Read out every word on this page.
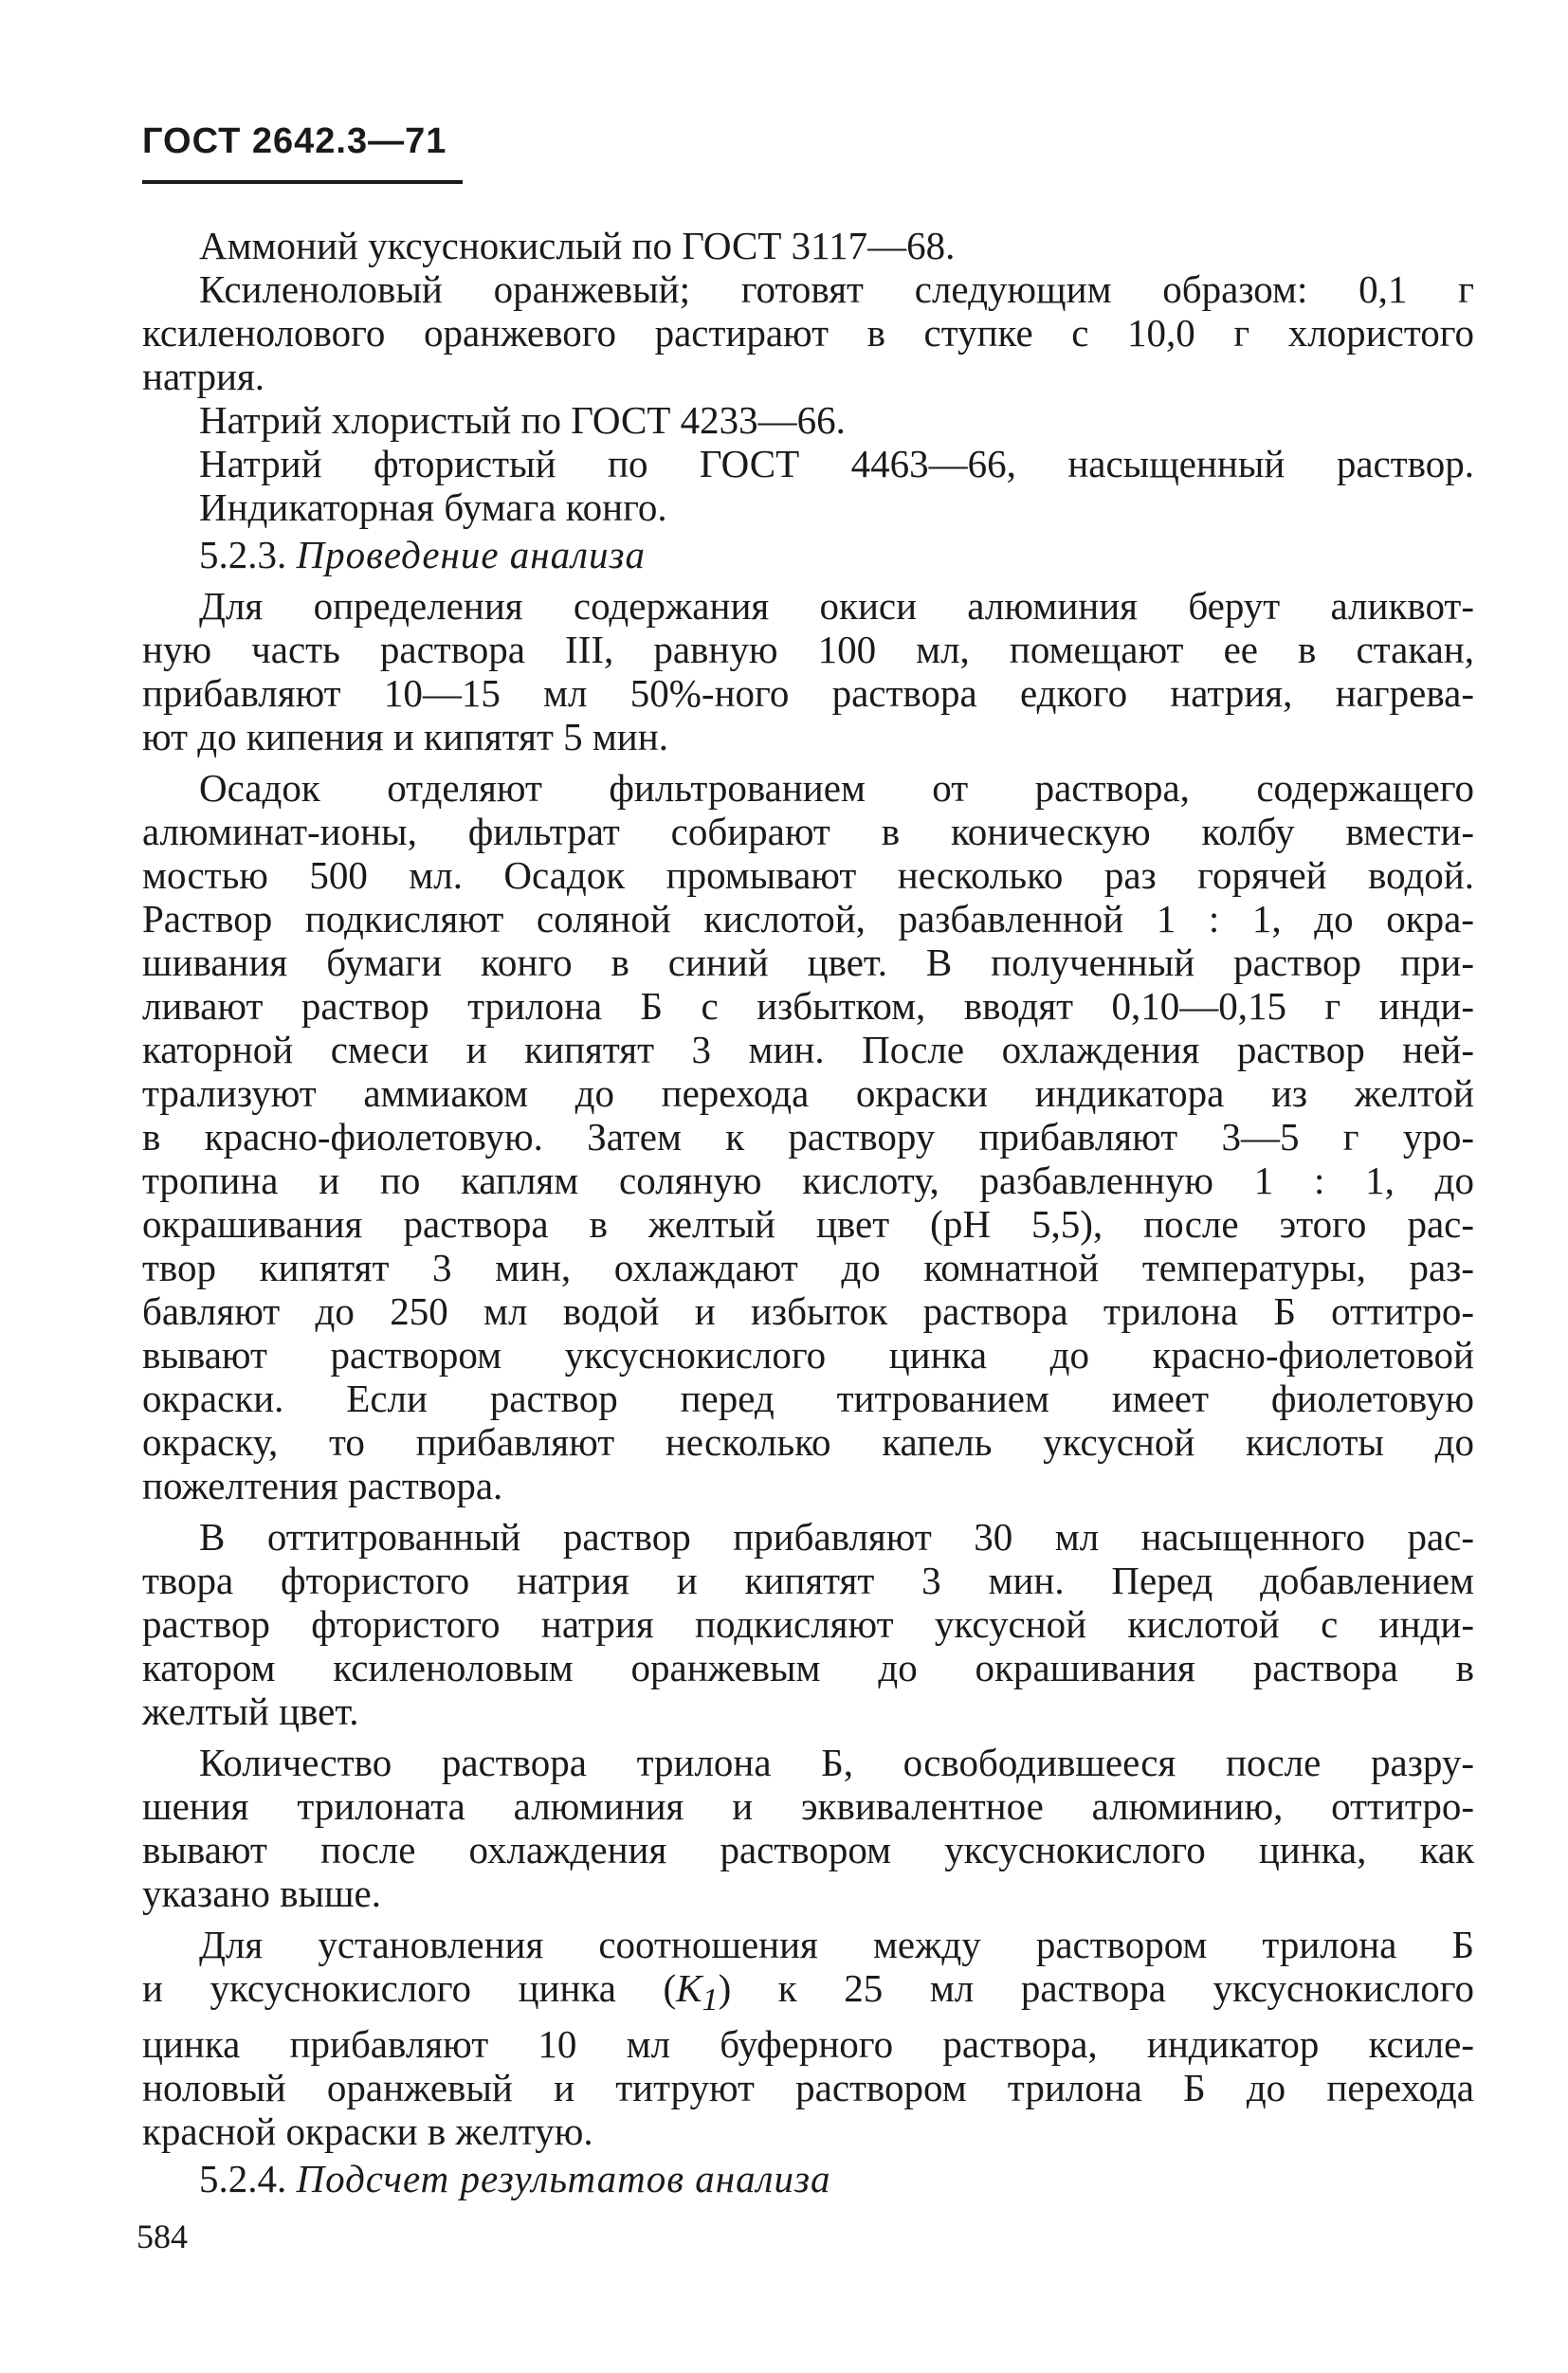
ГОСТ 2642.3—71
Аммоний уксуснокислый по ГОСТ 3117—68.
Ксиленоловый оранжевый; готовят следующим образом: 0,1 г
ксиленолового оранжевого растирают в ступке с 10,0 г хлористого
натрия.
Натрий хлористый по ГОСТ 4233—66.
Натрий фтористый по ГОСТ 4463—66, насыщенный раствор.
Индикаторная бумага конго.
5.2.3. Проведение анализа
Для определения содержания окиси алюминия берут аликвот-
ную часть раствора III, равную 100 мл, помещают ее в стакан,
прибавляют 10—15 мл 50%-ного раствора едкого натрия, нагрева-
ют до кипения и кипятят 5 мин.
Осадок отделяют фильтрованием от раствора, содержащего
алюминат-ионы, фильтрат собирают в коническую колбу вмести-
мостью 500 мл. Осадок промывают несколько раз горячей водой.
Раствор подкисляют соляной кислотой, разбавленной 1 : 1, до окра-
шивания бумаги конго в синий цвет. В полученный раствор при-
ливают раствор трилона Б с избытком, вводят 0,10—0,15 г инди-
каторной смеси и кипятят 3 мин. После охлаждения раствор ней-
трализуют аммиаком до перехода окраски индикатора из желтой
в красно-фиолетовую. Затем к раствору прибавляют 3—5 г уро-
тропина и по каплям соляную кислоту, разбавленную 1 : 1, до
окрашивания раствора в желтый цвет (pH 5,5), после этого рас-
твор кипятят 3 мин, охлаждают до комнатной температуры, раз-
бавляют до 250 мл водой и избыток раствора трилона Б оттитро-
вывают раствором уксуснокислого цинка до красно-фиолетовой
окраски. Если раствор перед титрованием имеет фиолетовую
окраску, то прибавляют несколько капель уксусной кислоты до
пожелтения раствора.
В оттитрованный раствор прибавляют 30 мл насыщенного рас-
твора фтористого натрия и кипятят 3 мин. Перед добавлением
раствор фтористого натрия подкисляют уксусной кислотой с инди-
катором ксиленоловым оранжевым до окрашивания раствора в
желтый цвет.
Количество раствора трилона Б, освободившееся после разру-
шения трилоната алюминия и эквивалентное алюминию, оттитро-
вывают после охлаждения раствором уксуснокислого цинка, как
указано выше.
Для установления соотношения между раствором трилона Б
и уксуснокислого цинка $(K_1)$ к 25 мл раствора уксуснокислого
цинка прибавляют 10 мл буферного раствора, индикатор ксиле-
ноловый оранжевый и титруют раствором трилона Б до перехода
красной окраски в желтую.
5.2.4. Подсчет результатов анализа
584
